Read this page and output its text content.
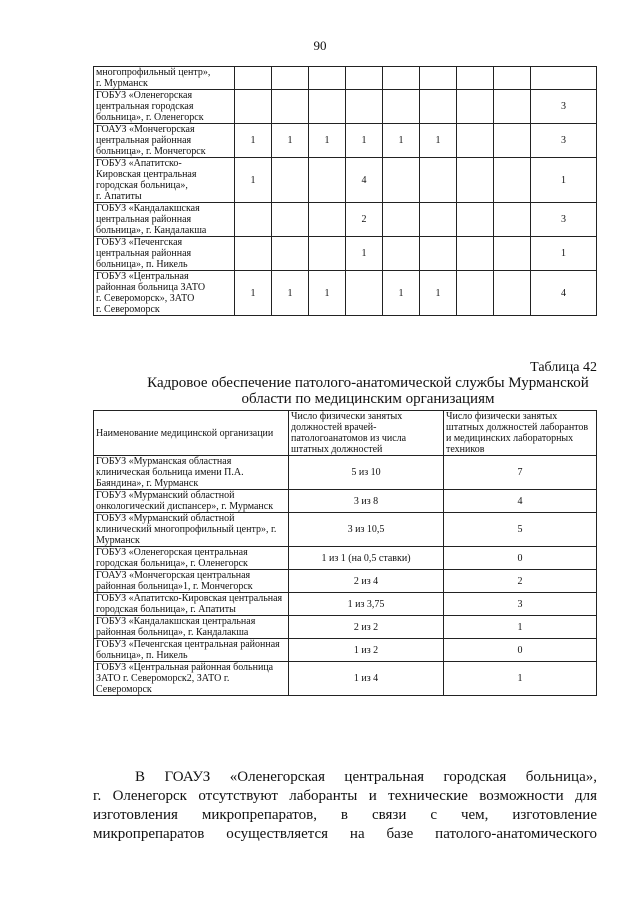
90
многопрофильный центр»,
г. Мурманск									

ГОБУЗ «Оленегорская
центральная городская
больница», г. Оленегорск									3

ГОАУЗ «Мончегорская
центральная районная
больница», г. Мончегорск	1	1	1	1	1	1			3

ГОБУЗ «Апатитско-
Кировская центральная
городская больница»,
г. Апатиты	1			4					1

ГОБУЗ «Кандалакшская
центральная районная
больница», г. Кандалакша				2					3

ГОБУЗ «Печенгская
центральная районная
больница», п. Никель				1					1

ГОБУЗ «Центральная
районная больница ЗАТО
г. Североморск», ЗАТО
г. Североморск	1	1	1		1	1			4
Таблица 42
Кадровое обеспечение патолого-анатомической службы Мурманской области по медицинским организациям
Наименование медицинской организации	Число физически занятых должностей врачей-патологоанатомов из числа штатных должностей	Число физически занятых штатных должностей лаборантов и медицинских лабораторных техников
ГОБУЗ «Мурманская областная клиническая больница имени П.А. Баяндина», г. Мурманск	5 из 10	7
ГОБУЗ «Мурманский областной онкологический диспансер», г. Мурманск	3 из 8	4
ГОБУЗ «Мурманский областной клинический многопрофильный центр», г. Мурманск	3 из 10,5	5
ГОБУЗ «Оленегорская центральная городская больница», г. Оленегорск	1 из 1 (на 0,5 ставки)	0
ГОАУЗ «Мончегорская центральная районная больница»1, г. Мончегорск	2 из 4	2
ГОБУЗ «Апатитско-Кировская центральная городская больница», г. Апатиты	1 из 3,75	3
ГОБУЗ «Кандалакшская центральная районная больница», г. Кандалакша	2 из 2	1
ГОБУЗ «Печенгская центральная районная больница», п. Никель	1 из 2	0
ГОБУЗ «Центральная районная больница ЗАТО г. Североморск2, ЗАТО г. Североморск	1 из 4	1
В ГОАУЗ «Оленегорская центральная городская больница»,
г. Оленегорск отсутствуют лаборанты и технические возможности для
изготовления микропрепаратов, в связи с чем, изготовление
микропрепаратов осуществляется на базе патолого-анатомического
